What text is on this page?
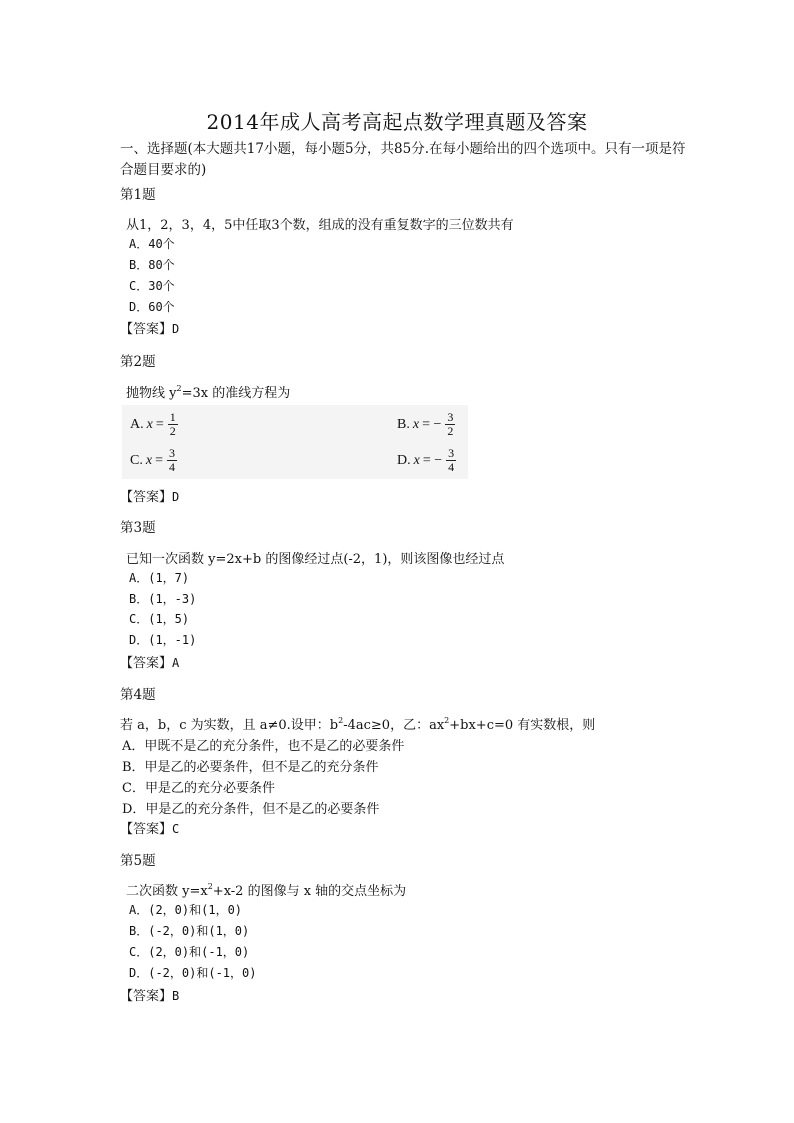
2014年成人高考高起点数学理真题及答案
一、选择题(本大题共17小题，每小题5分，共85分.在每小题给出的四个选项中。只有一项是符合题目要求的)
第1题
从1，2，3，4，5中任取3个数，组成的没有重复数字的三位数共有
A．40个
B．80个
C．30个
D．60个
【答案】D
第2题
抛物线 $y^2=3x$ 的准线方程为
A. $x = \frac{1}{2}$	B. x = − $\frac{3}{2}$
C. $x = \frac{3}{4}$	D. x = − $\frac{3}{4}$
【答案】D
第3题
已知一次函数 y=2x+b 的图像经过点(-2，1)，则该图像也经过点
A．(1，7)
B．(1，-3)
C．(1，5)
D．(1，-1)
【答案】A
第4题
若 a，b，c 为实数，且 a≠0.设甲：$b^2-4ac\ge 0$，乙：$ax^2+bx+c=0$ 有实数根，则
A．甲既不是乙的充分条件，也不是乙的必要条件
B．甲是乙的必要条件，但不是乙的充分条件
C．甲是乙的充分必要条件
D．甲是乙的充分条件，但不是乙的必要条件
【答案】C
第5题
二次函数 $y=x^2+x-2$ 的图像与 x 轴的交点坐标为
A．(2，0)和(1，0)
B．(-2，0)和(1，0)
C．(2，0)和(-1，0)
D．(-2，0)和(-1，0)
【答案】B
